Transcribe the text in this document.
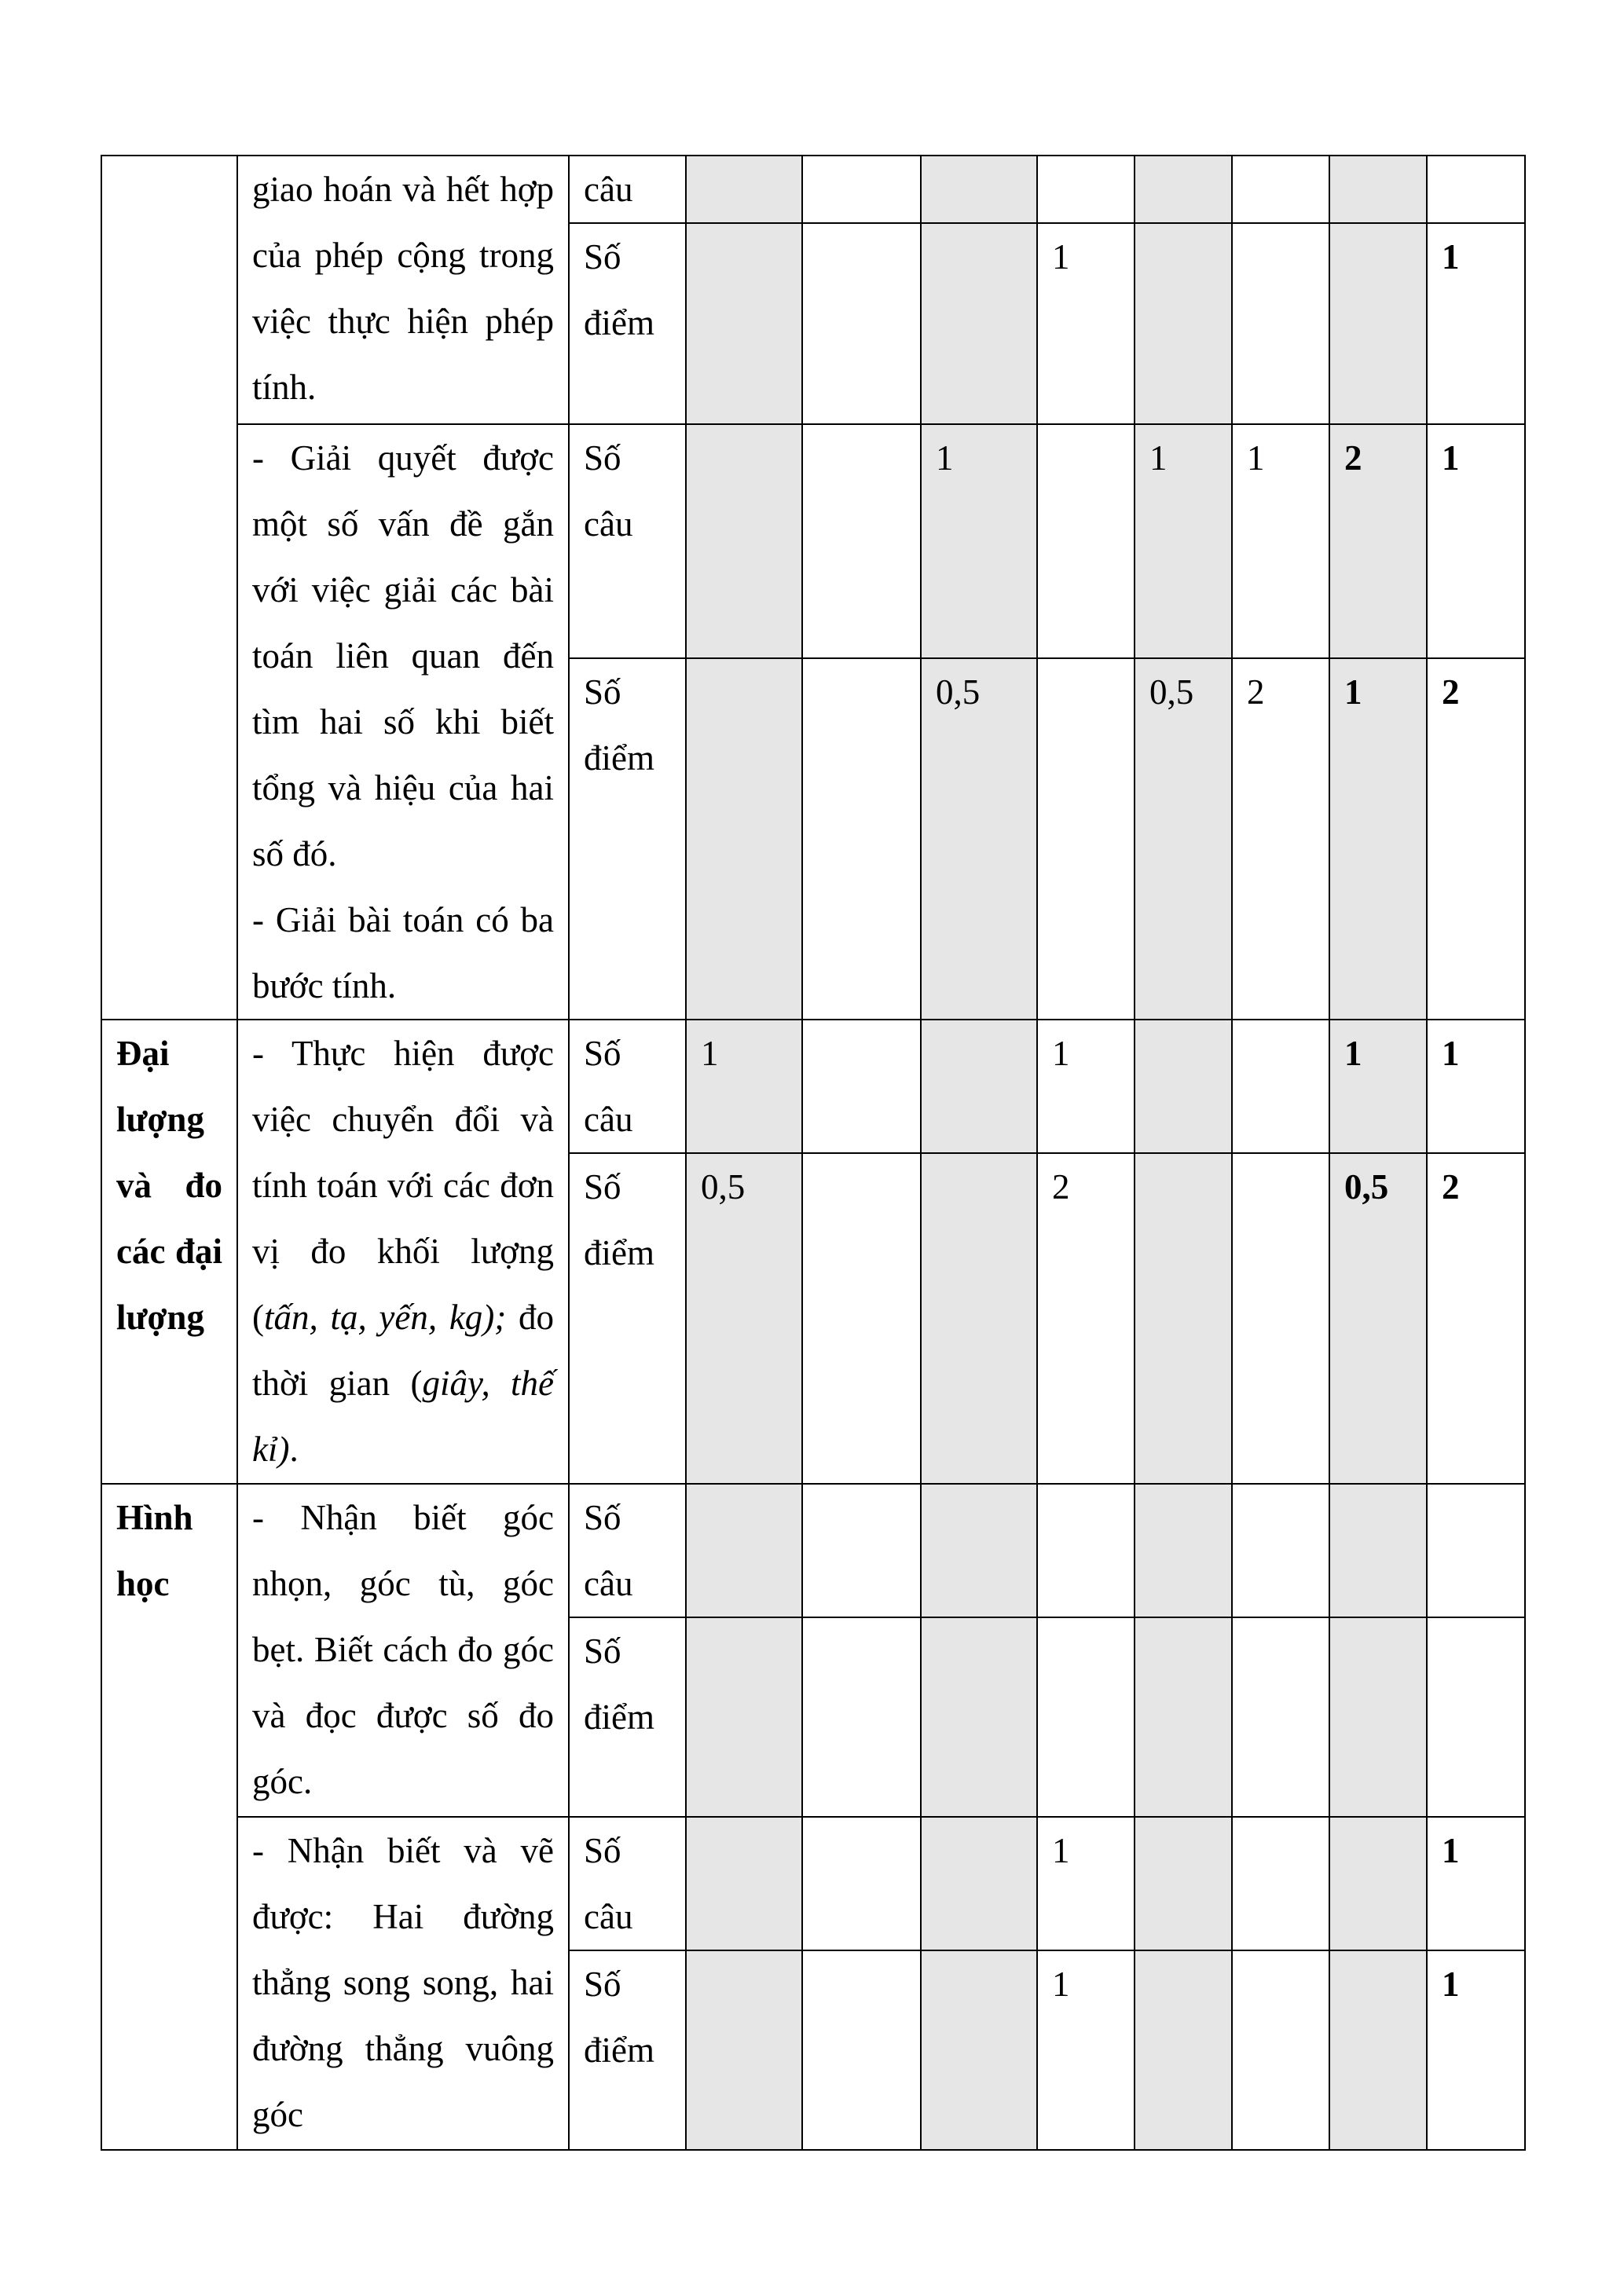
	giao hoán và hết hợp của phép cộng trong việc thực hiện phép tính.	câu								
		Số điểm				1				1

	- Giải quyết được một số vấn đề gắn với việc giải các bài toán liên quan đến tìm hai số khi biết tổng và hiệu của hai số đó.
- Giải bài toán có ba bước tính.	Số câu			1		1	1	2	1
		Số điểm			0,5		0,5	2	1	2
Đại lượng và đo các đại lượng	- Thực hiện được việc chuyển đổi và tính toán với các đơn vị đo khối lượng (tấn, tạ, yến, kg); đo thời gian (giây, thế kỉ).	Số câu	1			1			1	1
		Số điểm	0,5			2			0,5	2
Hình học	- Nhận biết góc nhọn, góc tù, góc bẹt. Biết cách đo góc và đọc được số đo góc.	Số câu								
		Số điểm								

	- Nhận biết và vẽ được: Hai đường thẳng song song, hai đường thẳng vuông góc	Số câu				1				1
		Số điểm				1				1
